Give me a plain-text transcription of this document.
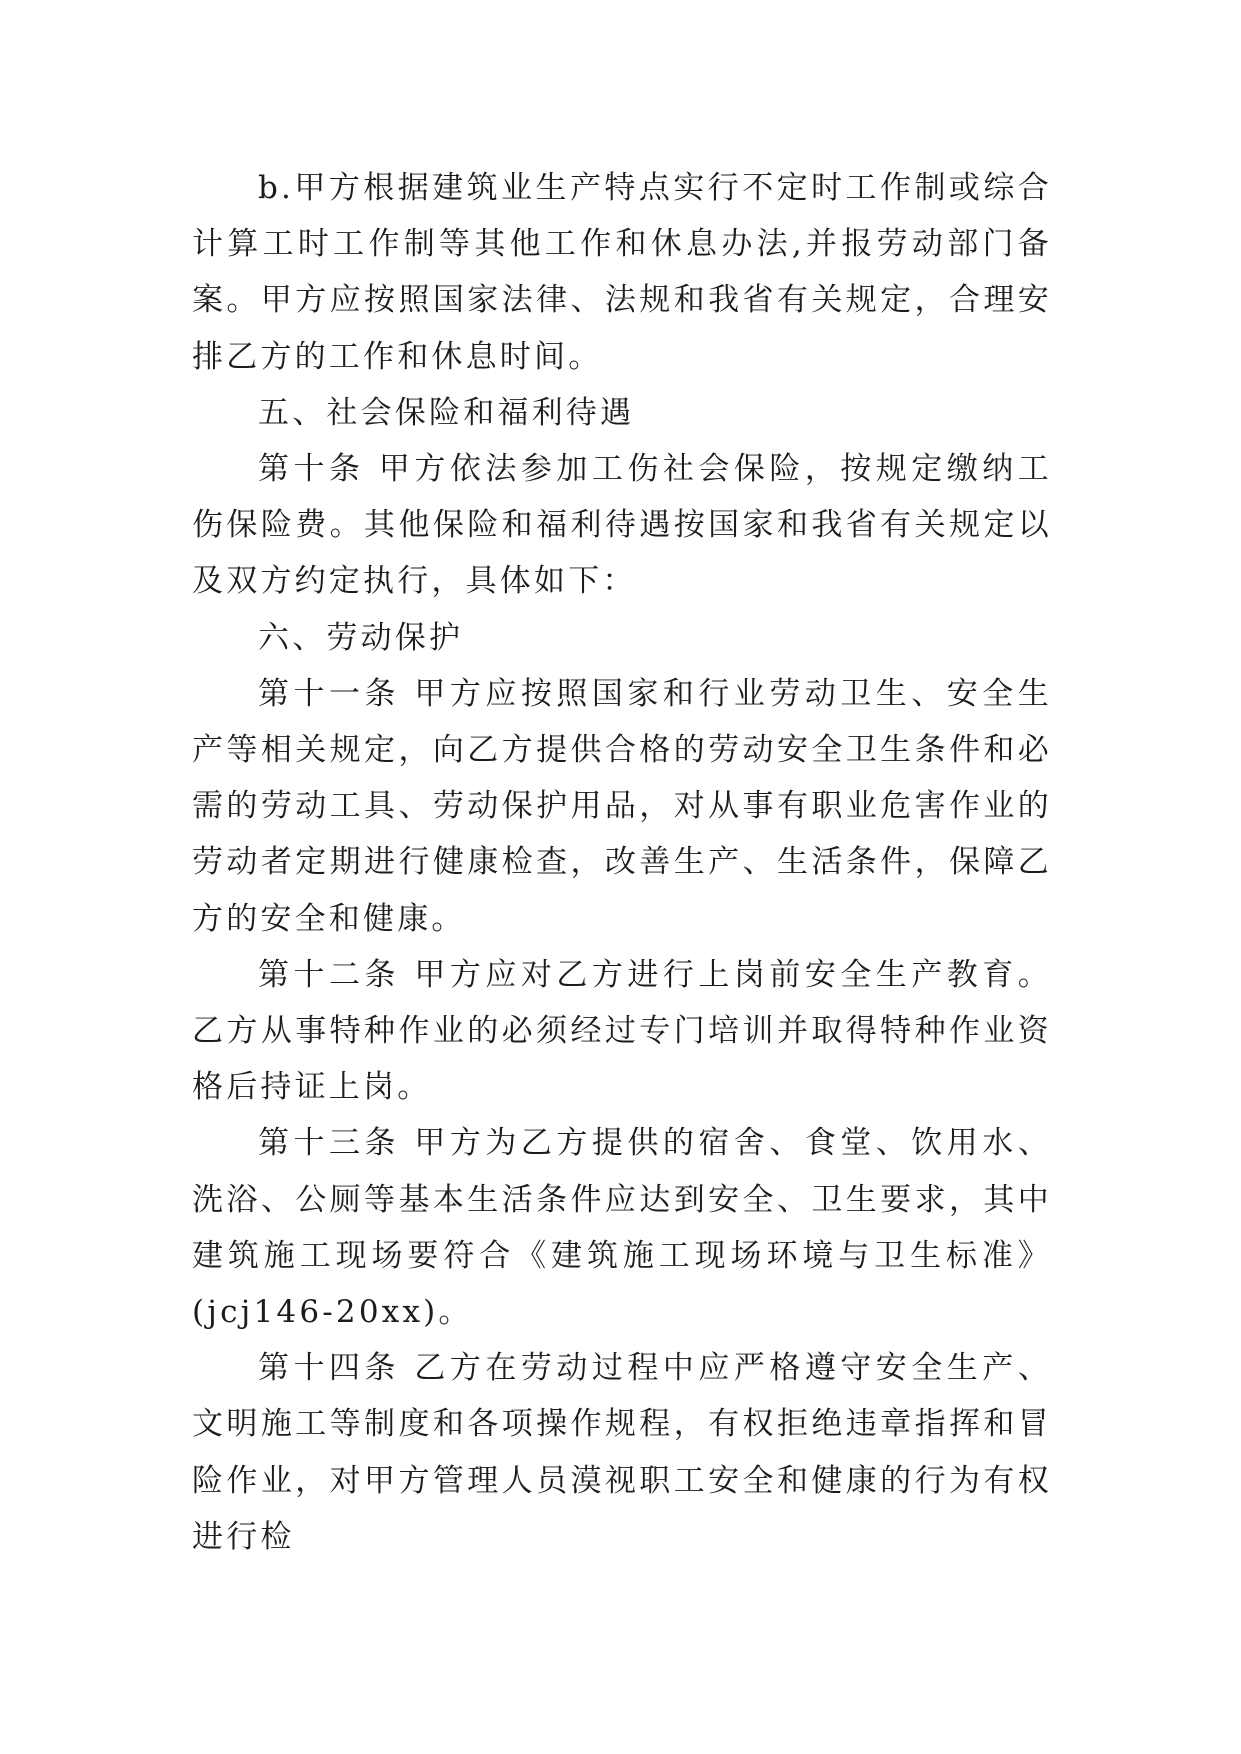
b.甲方根据建筑业生产特点实行不定时工作制或综合计算工时工作制等其他工作和休息办法,并报劳动部门备案。甲方应按照国家法律、法规和我省有关规定，合理安排乙方的工作和休息时间。

五、社会保险和福利待遇

第十条 甲方依法参加工伤社会保险，按规定缴纳工伤保险费。其他保险和福利待遇按国家和我省有关规定以及双方约定执行，具体如下：

六、劳动保护

第十一条 甲方应按照国家和行业劳动卫生、安全生产等相关规定，向乙方提供合格的劳动安全卫生条件和必需的劳动工具、劳动保护用品，对从事有职业危害作业的劳动者定期进行健康检查，改善生产、生活条件，保障乙方的安全和健康。

第十二条 甲方应对乙方进行上岗前安全生产教育。乙方从事特种作业的必须经过专门培训并取得特种作业资格后持证上岗。

第十三条 甲方为乙方提供的宿舍、食堂、饮用水、洗浴、公厕等基本生活条件应达到安全、卫生要求，其中建筑施工现场要符合《建筑施工现场环境与卫生标准》(jcj146-20xx)。

第十四条 乙方在劳动过程中应严格遵守安全生产、文明施工等制度和各项操作规程，有权拒绝违章指挥和冒险作业，对甲方管理人员漠视职工安全和健康的行为有权进行检
